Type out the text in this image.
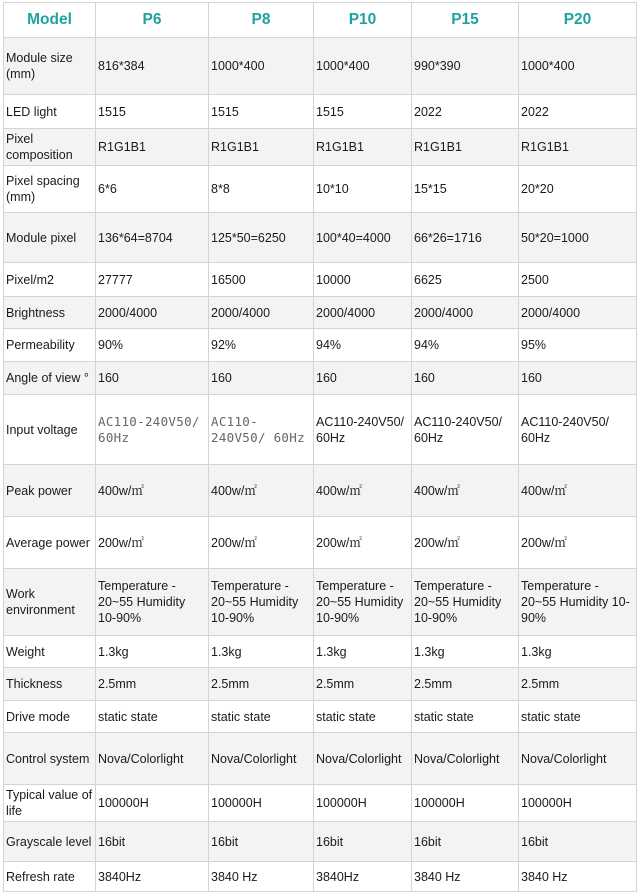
Model	P6	P8	P10	P15	P20
Module size (mm)	816*384	1000*400	1000*400	990*390	1000*400
LED light	1515	1515	1515	2022	2022
Pixel composition	R1G1B1	R1G1B1	R1G1B1	R1G1B1	R1G1B1
Pixel spacing (mm)	6*6	8*8	10*10	15*15	20*20
Module pixel	136*64=8704	125*50=6250	100*40=4000	66*26=1716	50*20=1000
Pixel/m2	27777	16500	10000	6625	2500
Brightness	2000/4000	2000/4000	2000/4000	2000/4000	2000/4000
Permeability	90%	92%	94%	94%	95%
Angle of view °	160	160	160	160	160
Input voltage	AC110-240V50/ 60Hz	AC110-240V50/ 60Hz	AC110-240V50/ 60Hz	AC110-240V50/ 60Hz	AC110-240V50/ 60Hz
Peak power	400w/㎡	400w/㎡	400w/㎡	400w/㎡	400w/㎡
Average power	200w/㎡	200w/㎡	200w/㎡	200w/㎡	200w/㎡
Work environment	Temperature - 20~55 Humidity 10-90%	Temperature - 20~55 Humidity 10-90%	Temperature - 20~55 Humidity 10-90%	Temperature - 20~55 Humidity 10-90%	Temperature - 20~55 Humidity 10-90%
Weight	1.3kg	1.3kg	1.3kg	1.3kg	1.3kg
Thickness	2.5mm	2.5mm	2.5mm	2.5mm	2.5mm
Drive mode	static state	static state	static state	static state	static state
Control system	Nova/Colorlight	Nova/Colorlight	Nova/Colorlight	Nova/Colorlight	Nova/Colorlight
Typical value of life	100000H	100000H	100000H	100000H	100000H
Grayscale level	16bit	16bit	16bit	16bit	16bit
Refresh rate	3840Hz	3840 Hz	3840Hz	3840 Hz	3840 Hz
